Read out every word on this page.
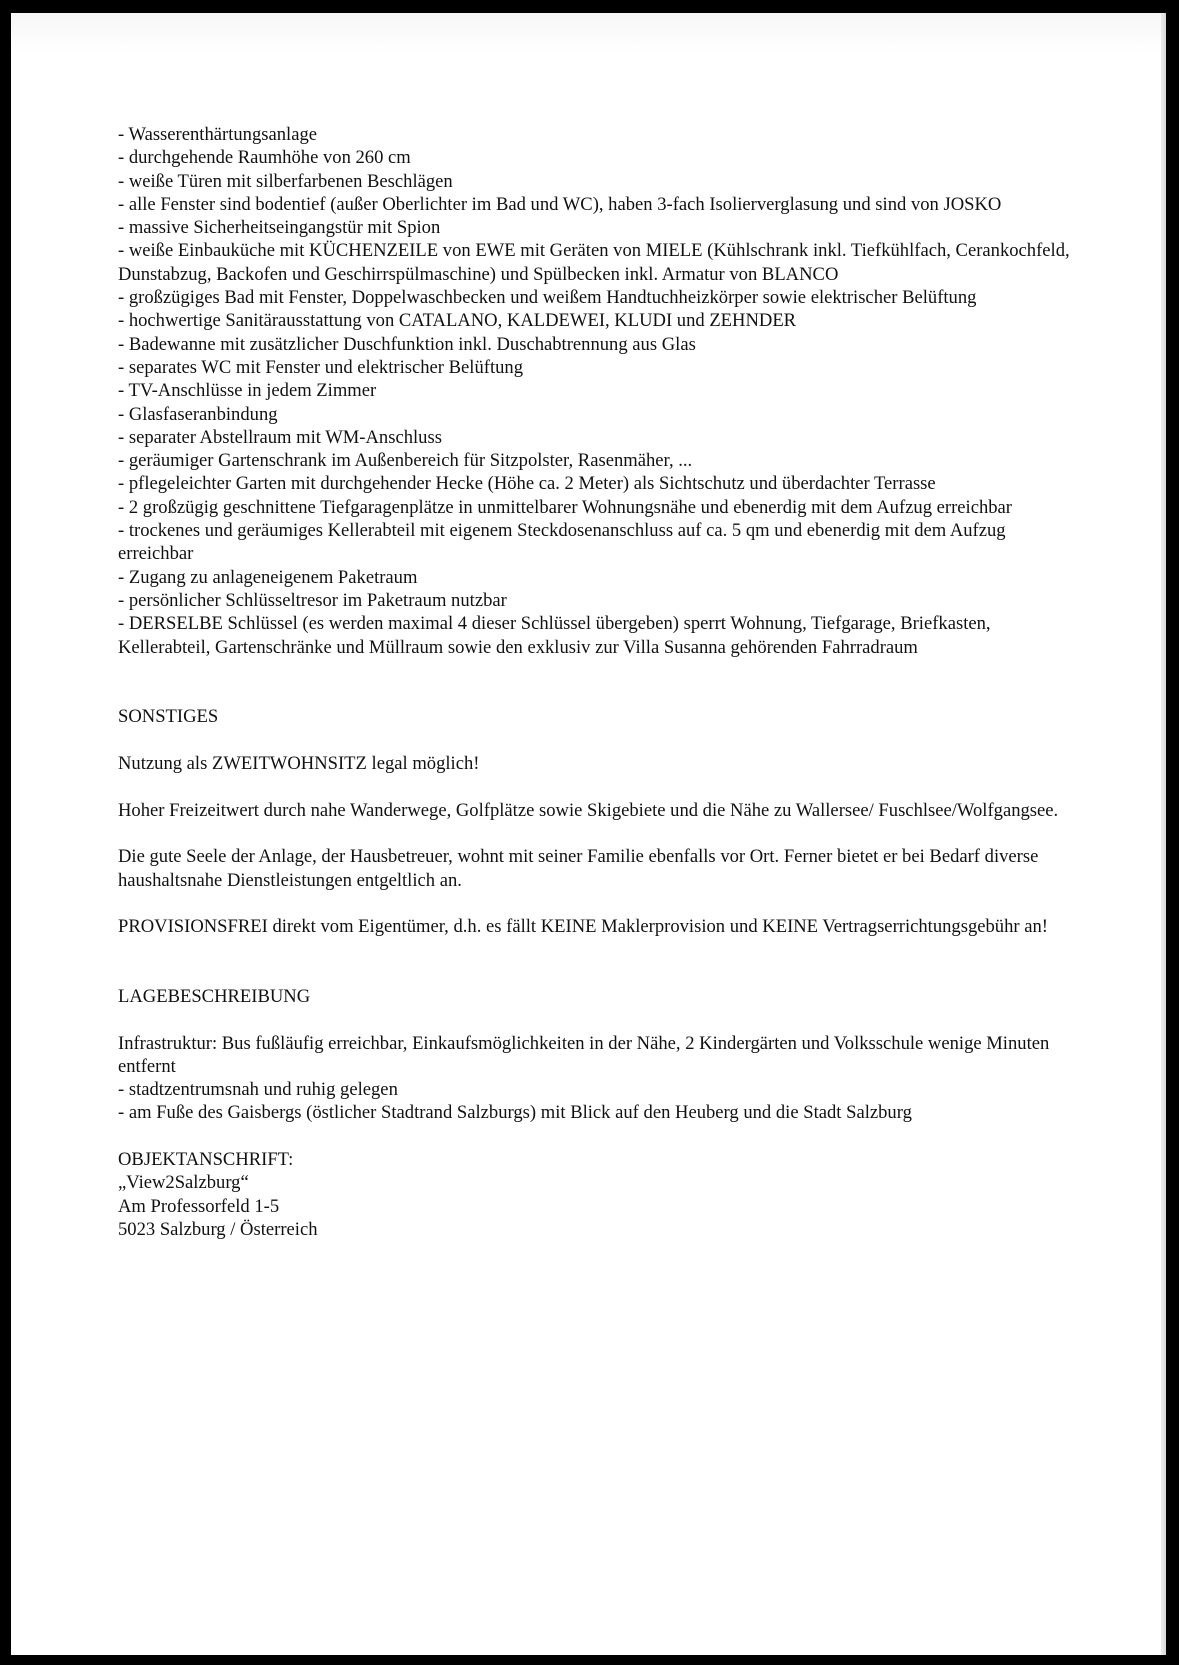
- Wasserenthärtungsanlage

- durchgehende Raumhöhe von 260 cm

- weiße Türen mit silberfarbenen Beschlägen

- alle Fenster sind bodentief (außer Oberlichter im Bad und WC), haben 3-fach Isolierverglasung und sind von JOSKO

- massive Sicherheitseingangstür mit Spion

- weiße Einbauküche mit KÜCHENZEILE von EWE mit Geräten von MIELE (Kühlschrank inkl. Tiefkühlfach, Cerankochfeld, Dunstabzug, Backofen und Geschirrspülmaschine) und Spülbecken inkl. Armatur von BLANCO

- großzügiges Bad mit Fenster, Doppelwaschbecken und weißem Handtuchheizkörper sowie elektrischer Belüftung

- hochwertige Sanitärausstattung von CATALANO, KALDEWEI, KLUDI und ZEHNDER

- Badewanne mit zusätzlicher Duschfunktion inkl. Duschabtrennung aus Glas

- separates WC mit Fenster und elektrischer Belüftung

- TV-Anschlüsse in jedem Zimmer

- Glasfaseranbindung

- separater Abstellraum mit WM-Anschluss

- geräumiger Gartenschrank im Außenbereich für Sitzpolster, Rasenmäher, ...

- pflegeleichter Garten mit durchgehender Hecke (Höhe ca. 2 Meter) als Sichtschutz und überdachter Terrasse

- 2 großzügig geschnittene Tiefgaragenplätze in unmittelbarer Wohnungsnähe und ebenerdig mit dem Aufzug erreichbar

- trockenes und geräumiges Kellerabteil mit eigenem Steckdosenanschluss auf ca. 5 qm und ebenerdig mit dem Aufzug erreichbar

- Zugang zu anlageneigenem Paketraum

- persönlicher Schlüsseltresor im Paketraum nutzbar

- DERSELBE Schlüssel (es werden maximal 4 dieser Schlüssel übergeben) sperrt Wohnung, Tiefgarage, Briefkasten, Kellerabteil, Gartenschränke und Müllraum sowie den exklusiv zur Villa Susanna gehörenden Fahrradraum

SONSTIGES

Nutzung als ZWEITWOHNSITZ legal möglich!

Hoher Freizeitwert durch nahe Wanderwege, Golfplätze sowie Skigebiete und die Nähe zu Wallersee/ Fuschlsee/Wolfgangsee.

Die gute Seele der Anlage, der Hausbetreuer, wohnt mit seiner Familie ebenfalls vor Ort. Ferner bietet er bei Bedarf diverse haushaltsnahe Dienstleistungen entgeltlich an.

PROVISIONSFREI direkt vom Eigentümer, d.h. es fällt KEINE Maklerprovision und KEINE Vertragserrichtungsgebühr an!

LAGEBESCHREIBUNG

Infrastruktur: Bus fußläufig erreichbar, Einkaufsmöglichkeiten in der Nähe, 2 Kindergärten und Volksschule wenige Minuten entfernt

- stadtzentrumsnah und ruhig gelegen

- am Fuße des Gaisbergs (östlicher Stadtrand Salzburgs) mit Blick auf den Heuberg und die Stadt Salzburg

OBJEKTANSCHRIFT:

„View2Salzburg“

Am Professorfeld 1-5

5023 Salzburg / Österreich
